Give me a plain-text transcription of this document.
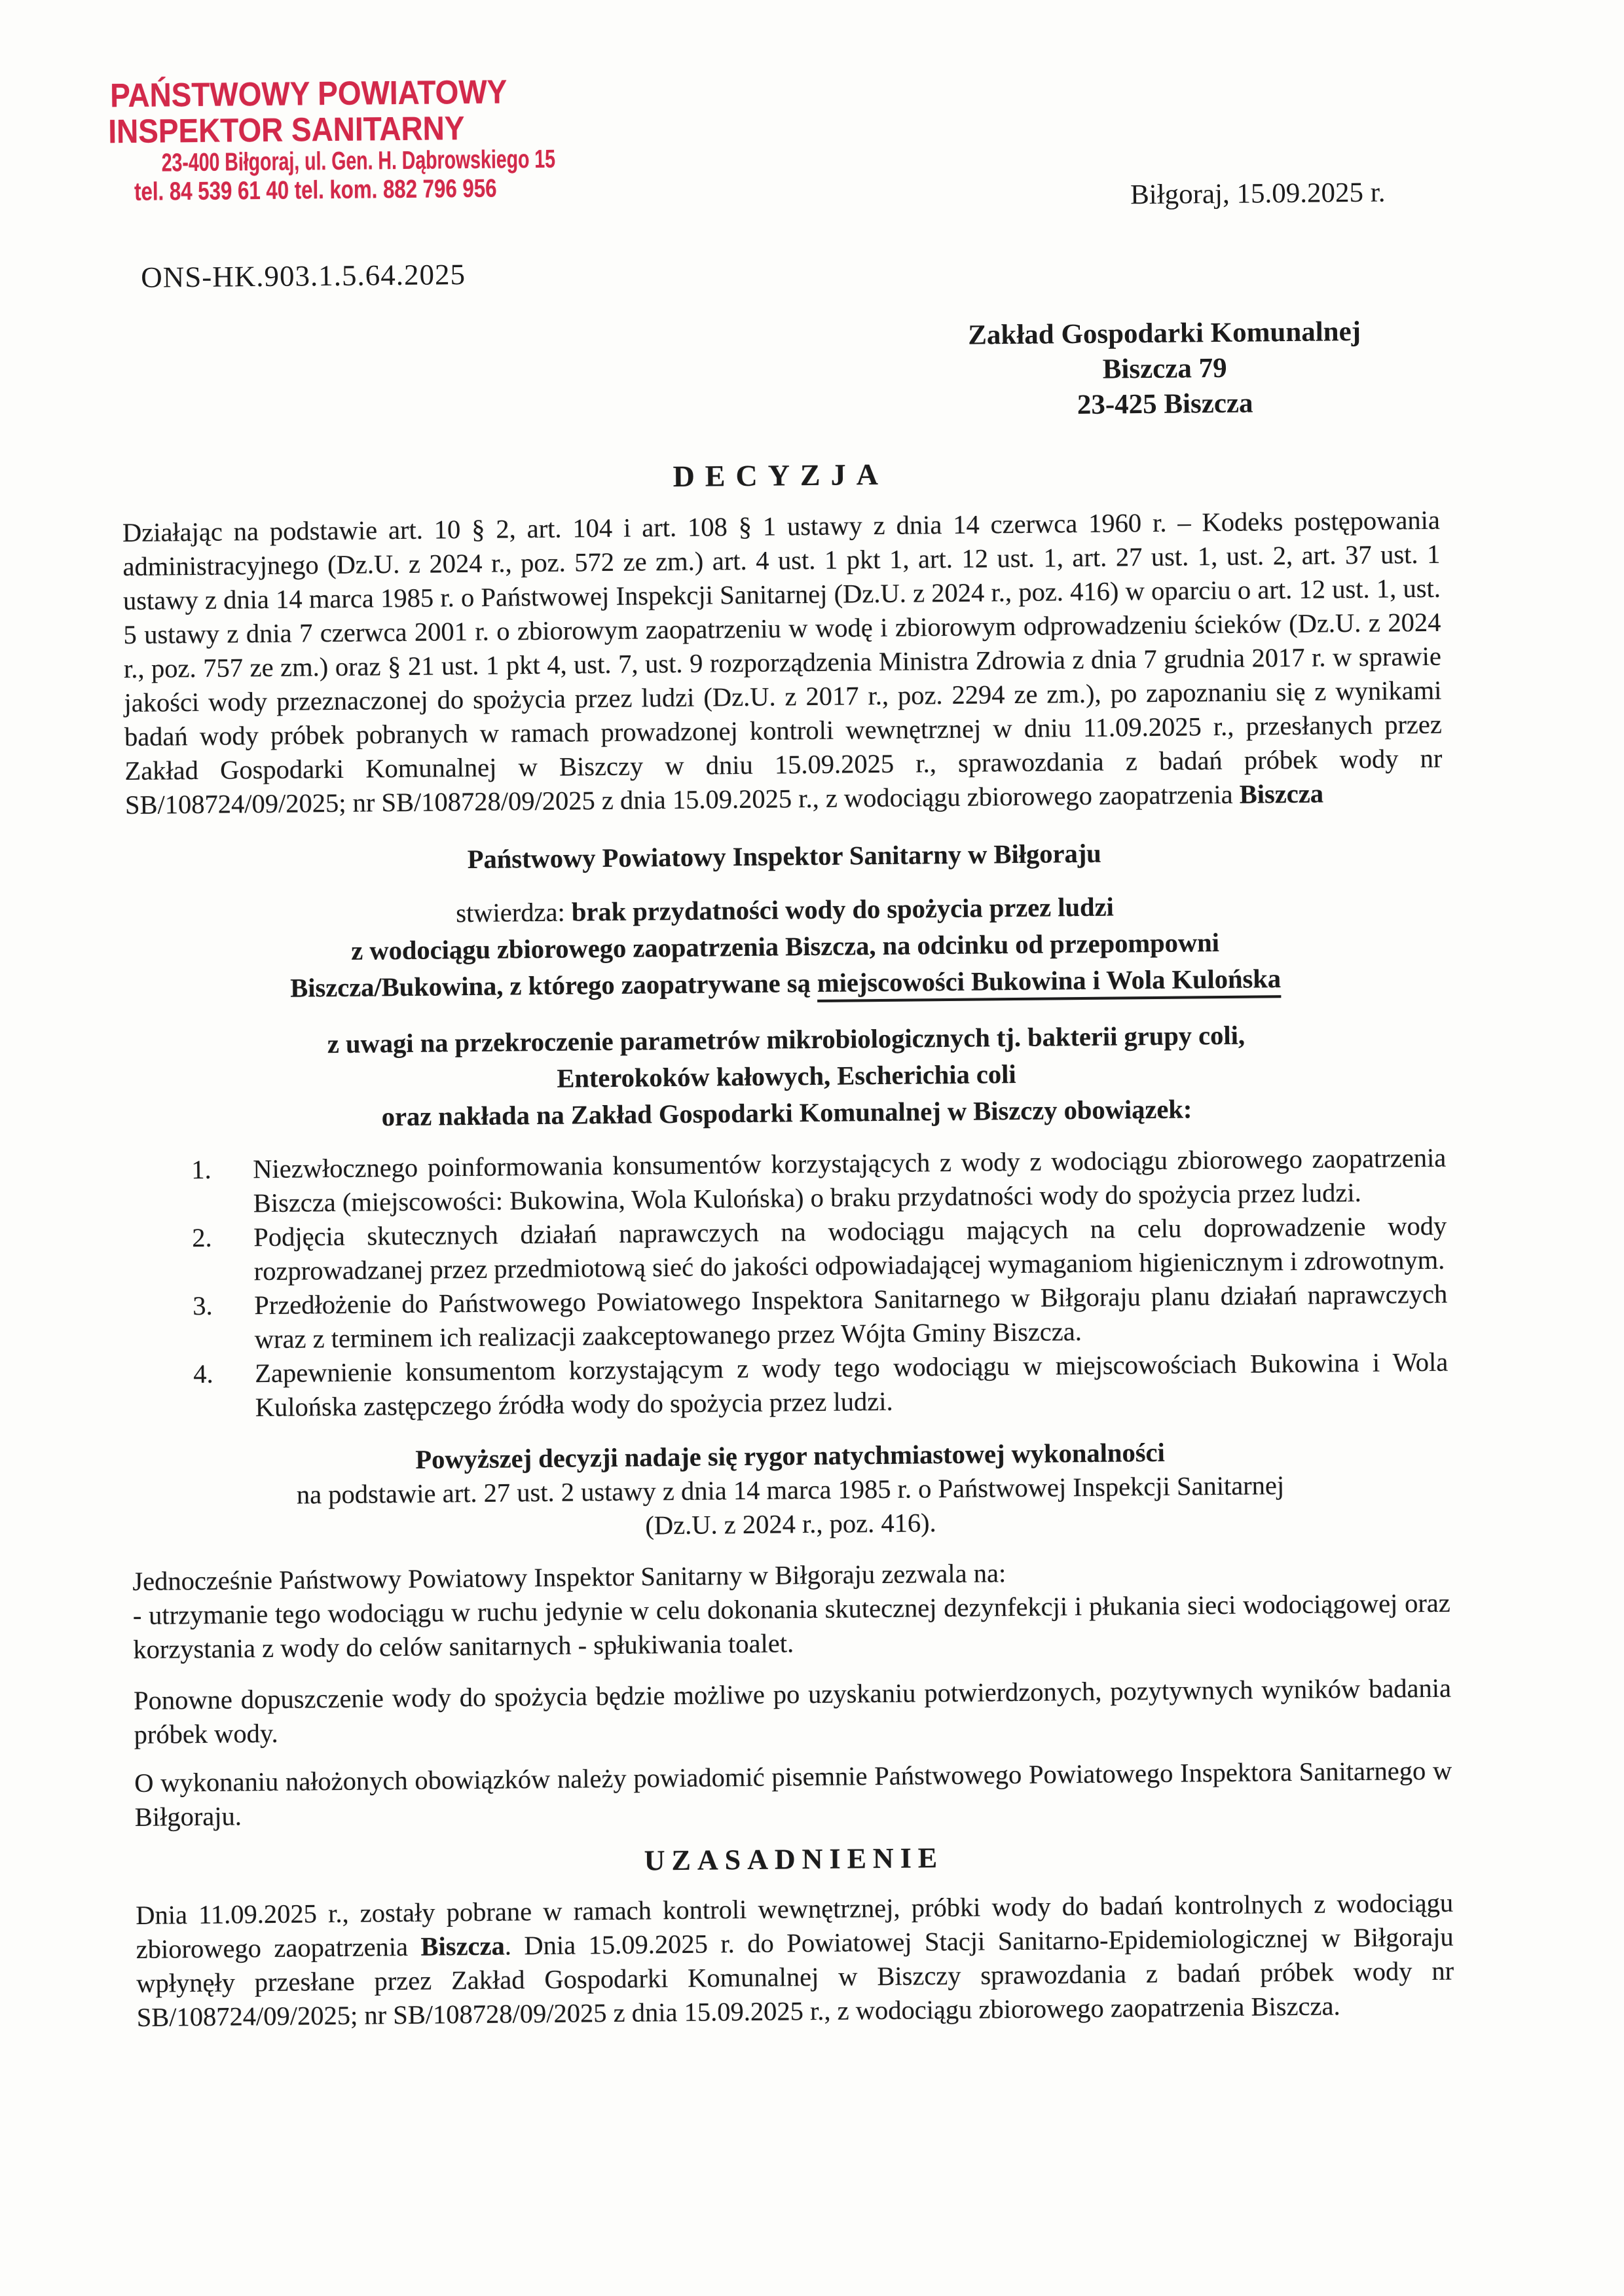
PAŃSTWOWY POWIATOWY
INSPEKTOR SANITARNY
23-400 Biłgoraj, ul. Gen. H. Dąbrowskiego 15
tel. 84 539 61 40 tel. kom. 882 796 956	Biłgoraj, 15.09.2025 r.
ONS-HK.903.1.5.64.2025
Zakład Gospodarki Komunalnej
Biszcza 79
23-425 Biszcza
DECYZJA

Działając na podstawie art. 10 § 2, art. 104 i art. 108 § 1 ustawy z dnia 14 czerwca 1960 r. – Kodeks postępowania administracyjnego (Dz.U. z 2024 r., poz. 572 ze zm.) art. 4 ust. 1 pkt 1, art. 12 ust. 1, art. 27 ust. 1, ust. 2, art. 37 ust. 1 ustawy z dnia 14 marca 1985 r. o Państwowej Inspekcji Sanitarnej (Dz.U. z 2024 r., poz. 416) w oparciu o art. 12 ust. 1, ust. 5 ustawy z dnia 7 czerwca 2001 r. o zbiorowym zaopatrzeniu w wodę i zbiorowym odprowadzeniu ścieków (Dz.U. z 2024 r., poz. 757 ze zm.) oraz § 21 ust. 1 pkt 4, ust. 7, ust. 9 rozporządzenia Ministra Zdrowia z dnia 7 grudnia 2017 r. w sprawie jakości wody przeznaczonej do spożycia przez ludzi (Dz.U. z 2017 r., poz. 2294 ze zm.), po zapoznaniu się z wynikami badań wody próbek pobranych w ramach prowadzonej kontroli wewnętrznej w dniu 11.09.2025 r., przesłanych przez Zakład Gospodarki Komunalnej w Biszczy w dniu 15.09.2025 r., sprawozdania z badań próbek wody nr SB/108724/09/2025; nr SB/108728/09/2025 z dnia 15.09.2025 r., z wodociągu zbiorowego zaopatrzenia Biszcza

Państwowy Powiatowy Inspektor Sanitarny w Biłgoraju
stwierdza: brak przydatności wody do spożycia przez ludzi
z wodociągu zbiorowego zaopatrzenia Biszcza, na odcinku od przepompowni
Biszcza/Bukowina, z którego zaopatrywane są miejscowości Bukowina i Wola Kulońska
z uwagi na przekroczenie parametrów mikrobiologicznych tj. bakterii grupy coli,
Enterokoków kałowych, Escherichia coli
oraz nakłada na Zakład Gospodarki Komunalnej w Biszczy obowiązek:
1. Niezwłocznego poinformowania konsumentów korzystających z wody z wodociągu zbiorowego zaopatrzenia Biszcza (miejscowości: Bukowina, Wola Kulońska) o braku przydatności wody do spożycia przez ludzi.
2. Podjęcia skutecznych działań naprawczych na wodociągu mających na celu doprowadzenie wody rozprowadzanej przez przedmiotową sieć do jakości odpowiadającej wymaganiom higienicznym i zdrowotnym.
3. Przedłożenie do Państwowego Powiatowego Inspektora Sanitarnego w Biłgoraju planu działań naprawczych wraz z terminem ich realizacji zaakceptowanego przez Wójta Gminy Biszcza.
4. Zapewnienie konsumentom korzystającym z wody tego wodociągu w miejscowościach Bukowina i Wola Kulońska zastępczego źródła wody do spożycia przez ludzi.
Powyższej decyzji nadaje się rygor natychmiastowej wykonalności
na podstawie art. 27 ust. 2 ustawy z dnia 14 marca 1985 r. o Państwowej Inspekcji Sanitarnej
(Dz.U. z 2024 r., poz. 416).

Jednocześnie Państwowy Powiatowy Inspektor Sanitarny w Biłgoraju zezwala na:

- utrzymanie tego wodociągu w ruchu jedynie w celu dokonania skutecznej dezynfekcji i płukania sieci wodociągowej oraz korzystania z wody do celów sanitarnych - spłukiwania toalet.

Ponowne dopuszczenie wody do spożycia będzie możliwe po uzyskaniu potwierdzonych, pozytywnych wyników badania próbek wody.

O wykonaniu nałożonych obowiązków należy powiadomić pisemnie Państwowego Powiatowego Inspektora Sanitarnego w Biłgoraju.

UZASADNIENIE

Dnia 11.09.2025 r., zostały pobrane w ramach kontroli wewnętrznej, próbki wody do badań kontrolnych z wodociągu zbiorowego zaopatrzenia Biszcza. Dnia 15.09.2025 r. do Powiatowej Stacji Sanitarno-Epidemiologicznej w Biłgoraju wpłynęły przesłane przez Zakład Gospodarki Komunalnej w Biszczy sprawozdania z badań próbek wody nr SB/108724/09/2025; nr SB/108728/09/2025 z dnia 15.09.2025 r., z wodociągu zbiorowego zaopatrzenia Biszcza.
